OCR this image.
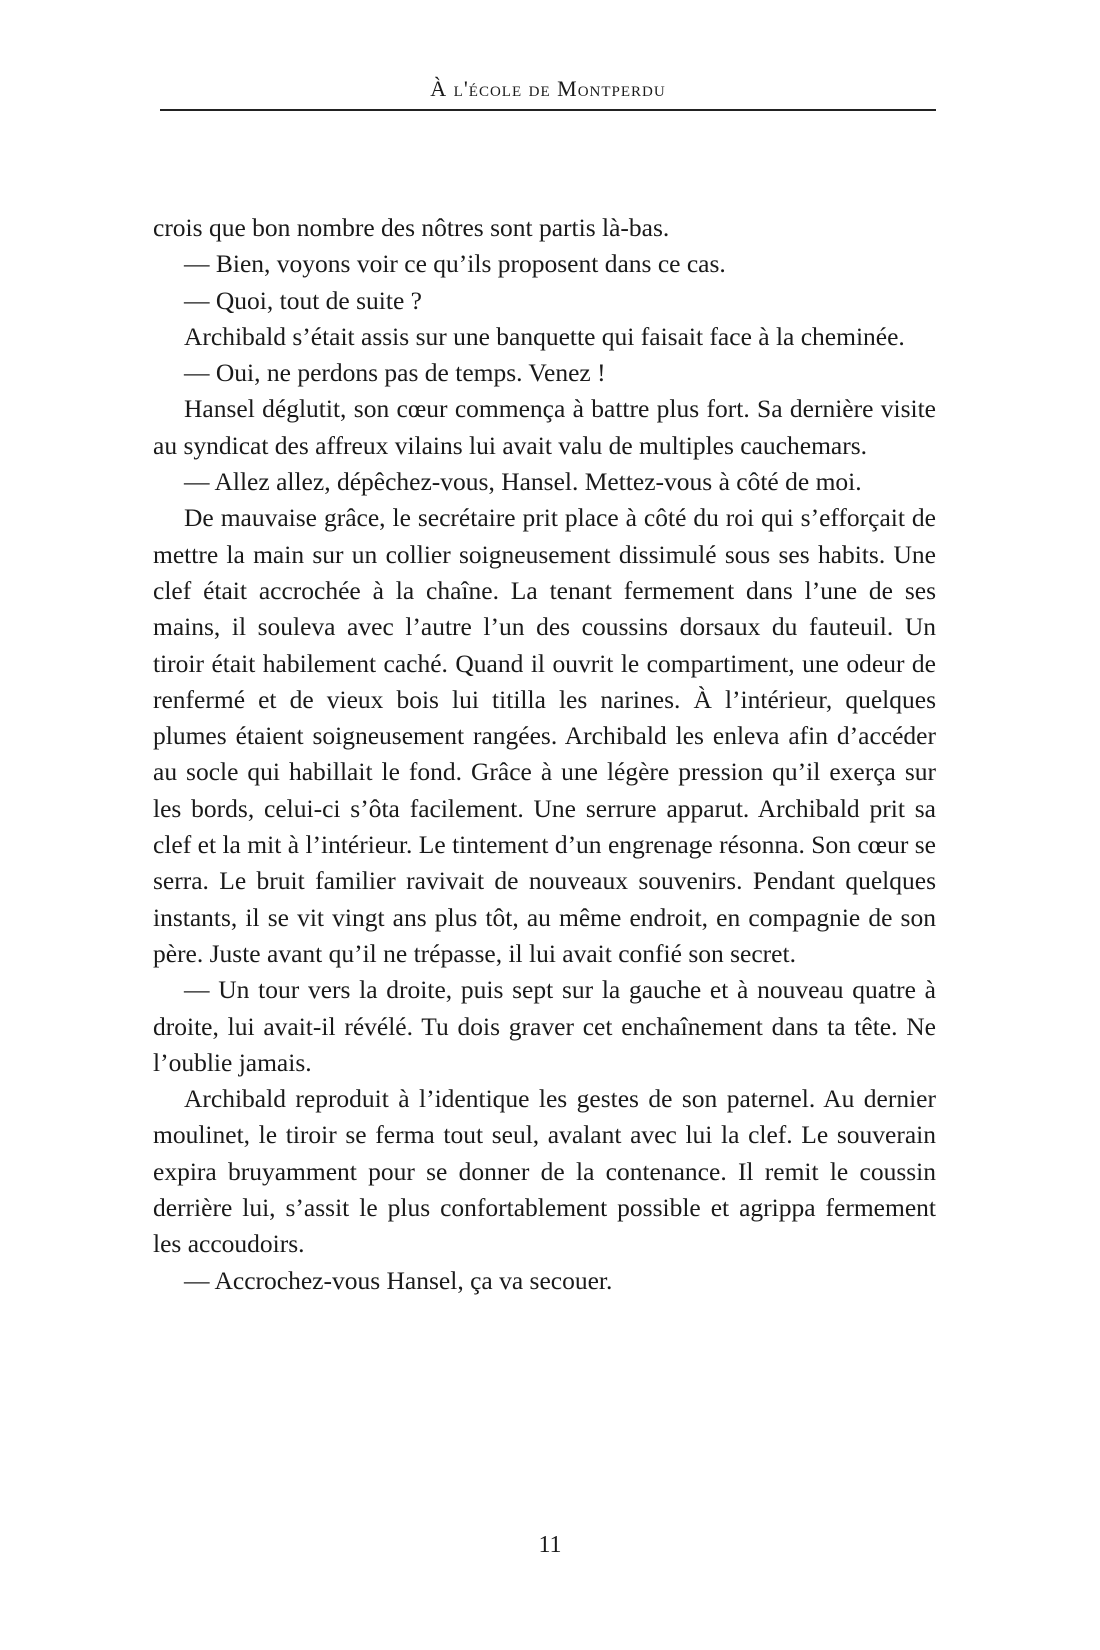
À l'école de Montperdu

crois que bon nombre des nôtres sont partis là-bas.

— Bien, voyons voir ce qu’ils proposent dans ce cas.

— Quoi, tout de suite ?

Archibald s’était assis sur une banquette qui faisait face à la cheminée.

— Oui, ne perdons pas de temps. Venez !

Hansel déglutit, son cœur commença à battre plus fort. Sa dernière visite au syndicat des affreux vilains lui avait valu de multiples cauchemars.

— Allez allez, dépêchez-vous, Hansel. Mettez-vous à côté de moi.

De mauvaise grâce, le secrétaire prit place à côté du roi qui s’efforçait de mettre la main sur un collier soigneusement dissimulé sous ses habits. Une clef était accrochée à la chaîne. La tenant fermement dans l’une de ses mains, il souleva avec l’autre l’un des coussins dorsaux du fauteuil. Un tiroir était habilement caché. Quand il ouvrit le compartiment, une odeur de renfermé et de vieux bois lui titilla les narines. À l’intérieur, quelques plumes étaient soigneusement rangées. Archibald les enleva afin d’accéder au socle qui habillait le fond. Grâce à une légère pression qu’il exerça sur les bords, celui-ci s’ôta facilement. Une serrure apparut. Archibald prit sa clef et la mit à l’intérieur. Le tintement d’un engrenage résonna. Son cœur se serra. Le bruit familier ravivait de nouveaux souvenirs. Pendant quelques instants, il se vit vingt ans plus tôt, au même endroit, en compagnie de son père. Juste avant qu’il ne trépasse, il lui avait confié son secret.

— Un tour vers la droite, puis sept sur la gauche et à nouveau quatre à droite, lui avait-il révélé. Tu dois graver cet enchaînement dans ta tête. Ne l’oublie jamais.

Archibald reproduit à l’identique les gestes de son paternel. Au dernier moulinet, le tiroir se ferma tout seul, avalant avec lui la clef. Le souverain expira bruyamment pour se donner de la contenance. Il remit le coussin derrière lui, s’assit le plus confortablement possible et agrippa fermement les accoudoirs.

— Accrochez-vous Hansel, ça va secouer.

11
